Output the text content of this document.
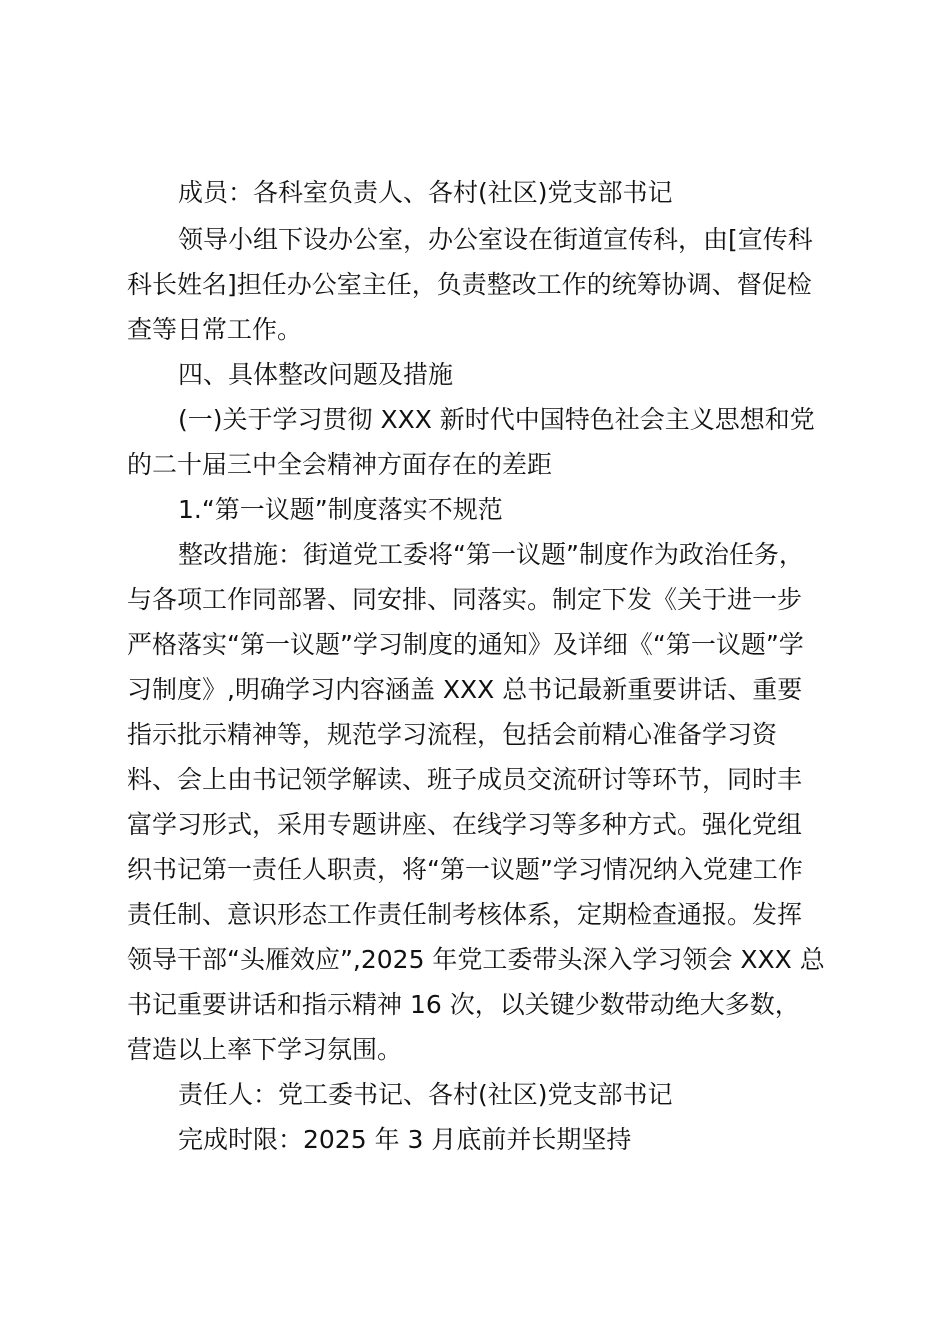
成员：各科室负责人、各村(社区)党支部书记
领导小组下设办公室，办公室设在街道宣传科，由[宣传科
科长姓名]担任办公室主任，负责整改工作的统筹协调、督促检
查等日常工作。
四、具体整改问题及措施
(一)关于学习贯彻 XXX 新时代中国特色社会主义思想和党
的二十届三中全会精神方面存在的差距
1.“第一议题”制度落实不规范
整改措施：街道党工委将“第一议题”制度作为政治任务，
与各项工作同部署、同安排、同落实。制定下发《关于进一步
严格落实“第一议题”学习制度的通知》及详细《“第一议题”学
习制度》,明确学习内容涵盖 XXX 总书记最新重要讲话、重要
指示批示精神等，规范学习流程，包括会前精心准备学习资
料、会上由书记领学解读、班子成员交流研讨等环节，同时丰
富学习形式，采用专题讲座、在线学习等多种方式。强化党组
织书记第一责任人职责，将“第一议题”学习情况纳入党建工作
责任制、意识形态工作责任制考核体系，定期检查通报。发挥
领导干部“头雁效应”,2025 年党工委带头深入学习领会 XXX 总
书记重要讲话和指示精神 16 次，以关键少数带动绝大多数，
营造以上率下学习氛围。
责任人：党工委书记、各村(社区)党支部书记
完成时限：2025 年 3 月底前并长期坚持
